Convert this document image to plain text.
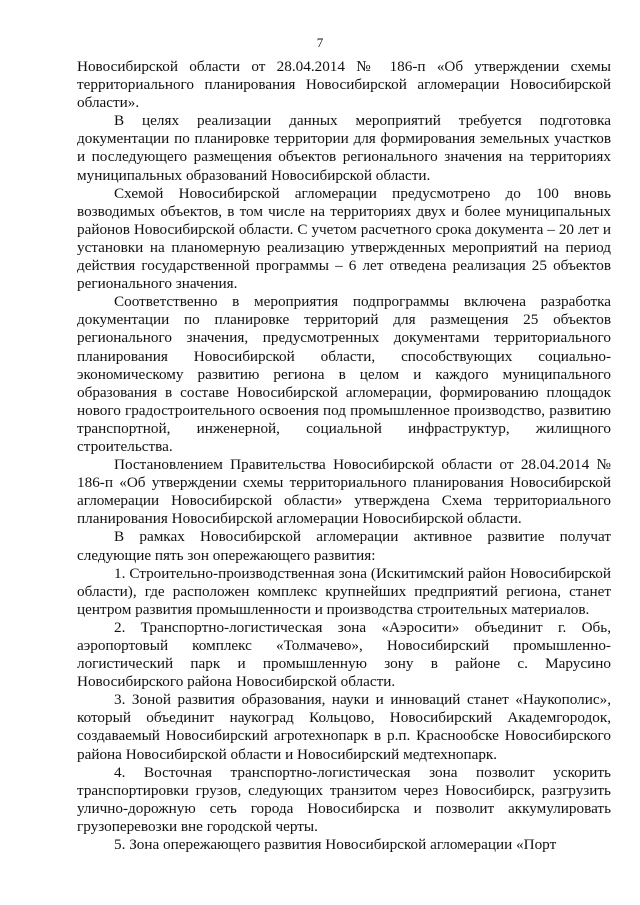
7

Новосибирской области от 28.04.2014 № 186-п «Об утверждении схемы территориального планирования Новосибирской агломерации Новосибирской области».

В целях реализации данных мероприятий требуется подготовка документации по планировке территории для формирования земельных участков и последующего размещения объектов регионального значения на территориях муниципальных образований Новосибирской области.

Схемой Новосибирской агломерации предусмотрено до 100 вновь возводимых объектов, в том числе на территориях двух и более муниципальных районов Новосибирской области. С учетом расчетного срока документа – 20 лет и установки на планомерную реализацию утвержденных мероприятий на период действия государственной программы – 6 лет отведена реализация 25 объектов регионального значения.

Соответственно в мероприятия подпрограммы включена разработка документации по планировке территорий для размещения 25 объектов регионального значения, предусмотренных документами территориального планирования Новосибирской области, способствующих социально-экономическому развитию региона в целом и каждого муниципального образования в составе Новосибирской агломерации, формированию площадок нового градостроительного освоения под промышленное производство, развитию транспортной, инженерной, социальной инфраструктур, жилищного строительства.

Постановлением Правительства Новосибирской области от 28.04.2014 № 186-п «Об утверждении схемы территориального планирования Новосибирской агломерации Новосибирской области» утверждена Схема территориального планирования Новосибирской агломерации Новосибирской области.

В рамках Новосибирской агломерации активное развитие получат следующие пять зон опережающего развития:

1. Строительно-производственная зона (Искитимский район Новосибирской области), где расположен комплекс крупнейших предприятий региона, станет центром развития промышленности и производства строительных материалов.

2. Транспортно-логистическая зона «Аэросити» объединит г. Обь, аэропортовый комплекс «Толмачево», Новосибирский промышленно-логистический парк и промышленную зону в районе с. Марусино Новосибирского района Новосибирской области.

3. Зоной развития образования, науки и инноваций станет «Наукополис», который объединит наукоград Кольцово, Новосибирский Академгородок, создаваемый Новосибирский агротехнопарк в р.п. Краснообске Новосибирского района Новосибирской области и Новосибирский медтехнопарк.

4. Восточная транспортно-логистическая зона позволит ускорить транспортировки грузов, следующих транзитом через Новосибирск, разгрузить улично-дорожную сеть города Новосибирска и позволит аккумулировать грузоперевозки вне городской черты.

5. Зона опережающего развития Новосибирской агломерации «Порт
